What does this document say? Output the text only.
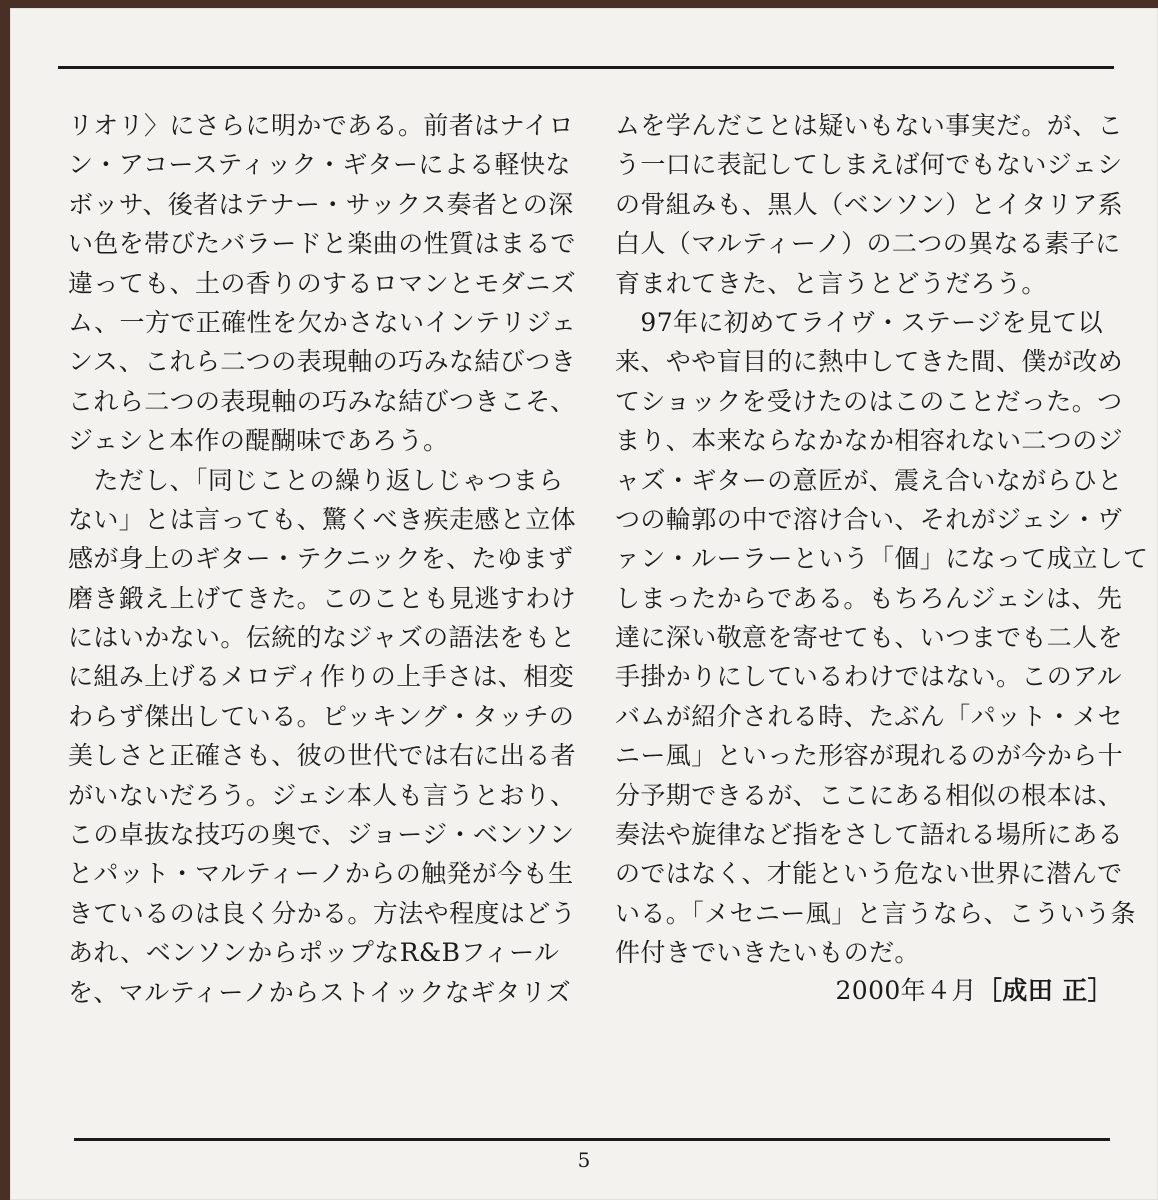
リオリ〉にさらに明かである。前者はナイロ
ン・アコースティック・ギターによる軽快な
ボッサ、後者はテナー・サックス奏者との深
い色を帯びたバラードと楽曲の性質はまるで
違っても、土の香りのするロマンとモダニズ
ム、一方で正確性を欠かさないインテリジェ
ンス、これら二つの表現軸の巧みな結びつき
これら二つの表現軸の巧みな結びつきこそ、
ジェシと本作の醍醐味であろう。
　ただし、「同じことの繰り返しじゃつまら
ない」とは言っても、驚くべき疾走感と立体
感が身上のギター・テクニックを、たゆまず
磨き鍛え上げてきた。このことも見逃すわけ
にはいかない。伝統的なジャズの語法をもと
に組み上げるメロディ作りの上手さは、相変
わらず傑出している。ピッキング・タッチの
美しさと正確さも、彼の世代では右に出る者
がいないだろう。ジェシ本人も言うとおり、
この卓抜な技巧の奥で、ジョージ・ベンソン
とパット・マルティーノからの触発が今も生
きているのは良く分かる。方法や程度はどう
あれ、ベンソンからポップなR&Bフィール
を、マルティーノからストイックなギタリズ
ムを学んだことは疑いもない事実だ。が、こ
う一口に表記してしまえば何でもないジェシ
の骨組みも、黒人（ベンソン）とイタリア系
白人（マルティーノ）の二つの異なる素子に
育まれてきた、と言うとどうだろう。
　97年に初めてライヴ・ステージを見て以
来、やや盲目的に熱中してきた間、僕が改め
てショックを受けたのはこのことだった。つ
まり、本来ならなかなか相容れない二つのジ
ャズ・ギターの意匠が、震え合いながらひと
つの輪郭の中で溶け合い、それがジェシ・ヴ
ァン・ルーラーという「個」になって成立して
しまったからである。もちろんジェシは、先
達に深い敬意を寄せても、いつまでも二人を
手掛かりにしているわけではない。このアル
バムが紹介される時、たぶん「パット・メセ
ニー風」といった形容が現れるのが今から十
分予期できるが、ここにある相似の根本は、
奏法や旋律など指をさして語れる場所にある
のではなく、才能という危ない世界に潜んで
いる。「メセニー風」と言うなら、こういう条
件付きでいきたいものだ。
2000年４月［成田 正］
5
